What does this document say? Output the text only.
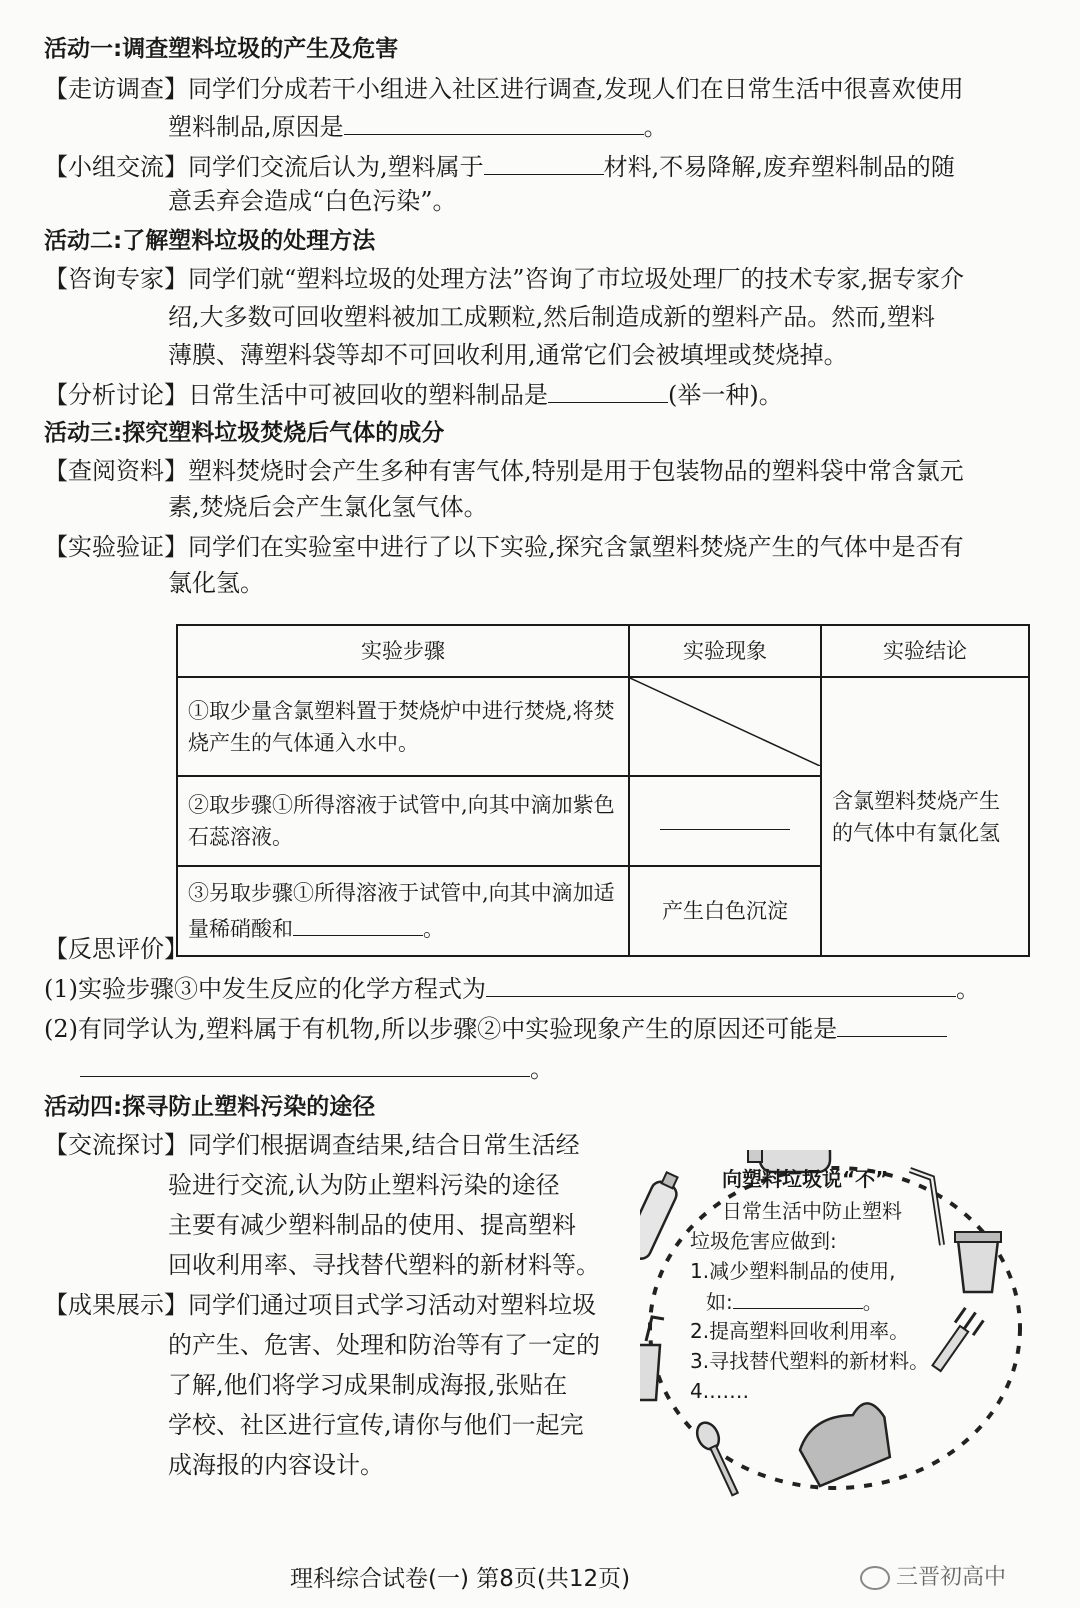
活动一:调查塑料垃圾的产生及危害
【走访调查】同学们分成若干小组进入社区进行调查,发现人们在日常生活中很喜欢使用
塑料制品,原因是	。
【小组交流】同学们交流后认为,塑料属于	材料,不易降解,废弃塑料制品的随
意丢弃会造成“白色污染”。
活动二:了解塑料垃圾的处理方法
【咨询专家】同学们就“塑料垃圾的处理方法”咨询了市垃圾处理厂的技术专家,据专家介
绍,大多数可回收塑料被加工成颗粒,然后制造成新的塑料产品。然而,塑料
薄膜、薄塑料袋等却不可回收利用,通常它们会被填埋或焚烧掉。
【分析讨论】日常生活中可被回收的塑料制品是	(举一种)。
活动三:探究塑料垃圾焚烧后气体的成分
【查阅资料】塑料焚烧时会产生多种有害气体,特别是用于包装物品的塑料袋中常含氯元
素,焚烧后会产生氯化氢气体。
【实验验证】同学们在实验室中进行了以下实验,探究含氯塑料焚烧产生的气体中是否有
氯化氢。
实验步骤	实验现象	实验结论
①取少量含氯塑料置于焚烧炉中进行焚烧,将焚烧产生的气体通入水中。		含氯塑料焚烧产生的气体中有氯化氢
②取步骤①所得溶液于试管中,向其中滴加紫色石蕊溶液。		
③另取步骤①所得溶液于试管中,向其中滴加适量稀硝酸和 。	产生白色沉淀	
【反思评价】
(1)实验步骤③中发生反应的化学方程式为	。
(2)有同学认为,塑料属于有机物,所以步骤②中实验现象产生的原因还可能是
。
活动四:探寻防止塑料污染的途径
【交流探讨】同学们根据调查结果,结合日常生活经
验进行交流,认为防止塑料污染的途径
主要有减少塑料制品的使用、提高塑料
回收利用率、寻找替代塑料的新材料等。
【成果展示】同学们通过项目式学习活动对塑料垃圾
的产生、危害、处理和防治等有了一定的
了解,他们将学习成果制成海报,张贴在
学校、社区进行宣传,请你与他们一起完
成海报的内容设计。
向塑料垃圾说“不”
日常生活中防止塑料
垃圾危害应做到:
1.减少塑料制品的使用,
如:	。
2.提高塑料回收利用率。
3.寻找替代塑料的新材料。
4.……
理科综合试卷(一) 第8页(共12页)	三晋初高中
